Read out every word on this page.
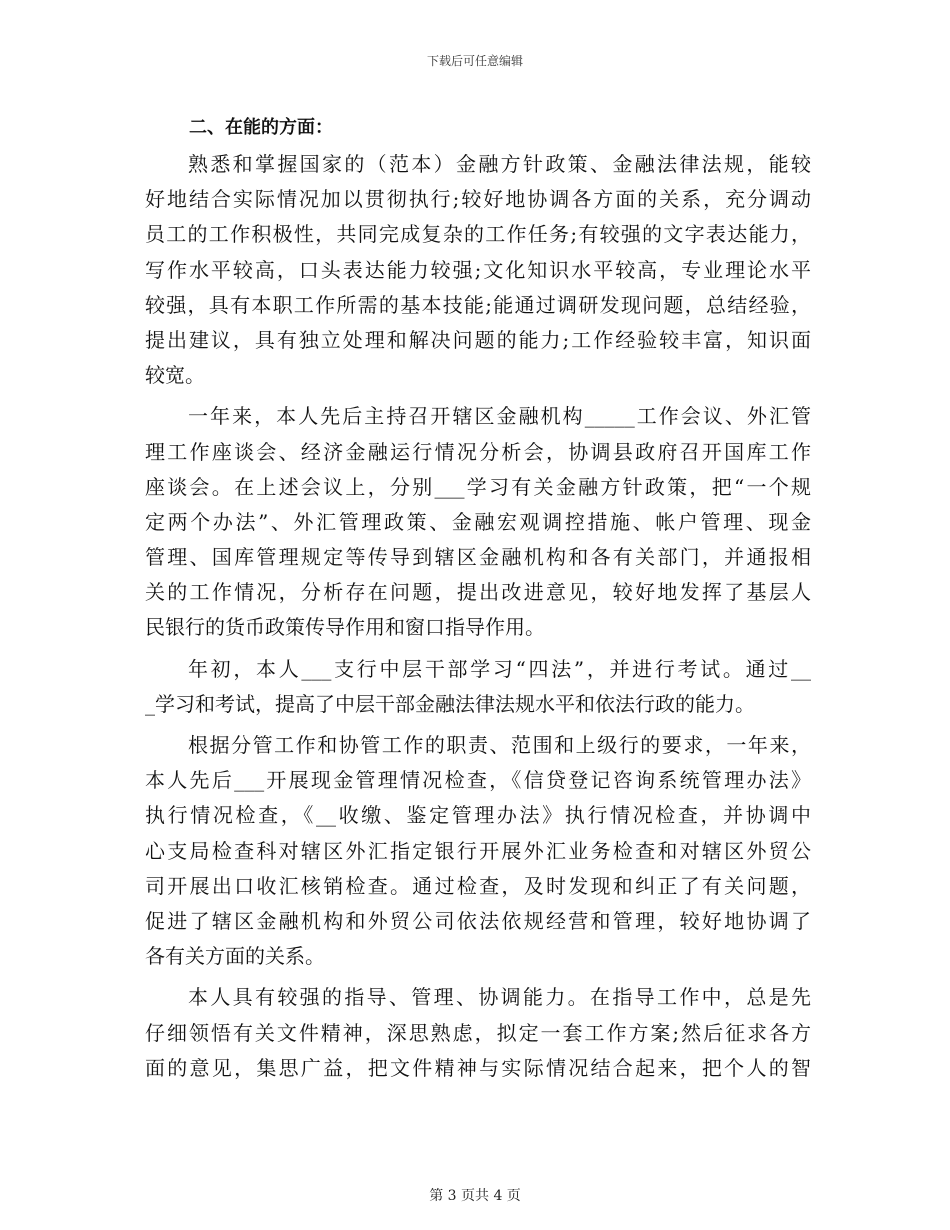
下载后可任意编辑
二、在能的方面：
熟悉和掌握国家的（范本）金融方针政策、金融法律法规，能较
好地结合实际情况加以贯彻执行;较好地协调各方面的关系，充分调动
员工的工作积极性，共同完成复杂的工作任务;有较强的文字表达能力，
写作水平较高，口头表达能力较强;文化知识水平较高，专业理论水平
较强，具有本职工作所需的基本技能;能通过调研发现问题，总结经验，
提出建议，具有独立处理和解决问题的能力;工作经验较丰富，知识面
较宽。
一年来，本人先后主持召开辖区金融机构_____工作会议、外汇管
理工作座谈会、经济金融运行情况分析会，协调县政府召开国库工作
座谈会。在上述会议上，分别___学习有关金融方针政策，把“一个规
定两个办法”、外汇管理政策、金融宏观调控措施、帐户管理、现金
管理、国库管理规定等传导到辖区金融机构和各有关部门，并通报相
关的工作情况，分析存在问题，提出改进意见，较好地发挥了基层人
民银行的货币政策传导作用和窗口指导作用。
年初，本人___支行中层干部学习“四法”，并进行考试。通过__
_学习和考试，提高了中层干部金融法律法规水平和依法行政的能力。
根据分管工作和协管工作的职责、范围和上级行的要求，一年来，
本人先后___开展现金管理情况检查，《信贷登记咨询系统管理办法》
执行情况检查，《__收缴、鉴定管理办法》执行情况检查，并协调中
心支局检查科对辖区外汇指定银行开展外汇业务检查和对辖区外贸公
司开展出口收汇核销检查。通过检查，及时发现和纠正了有关问题，
促进了辖区金融机构和外贸公司依法依规经营和管理，较好地协调了
各有关方面的关系。
本人具有较强的指导、管理、协调能力。在指导工作中，总是先
仔细领悟有关文件精神，深思熟虑，拟定一套工作方案;然后征求各方
面的意见，集思广益，把文件精神与实际情况结合起来，把个人的智
第 3 页共 4 页
